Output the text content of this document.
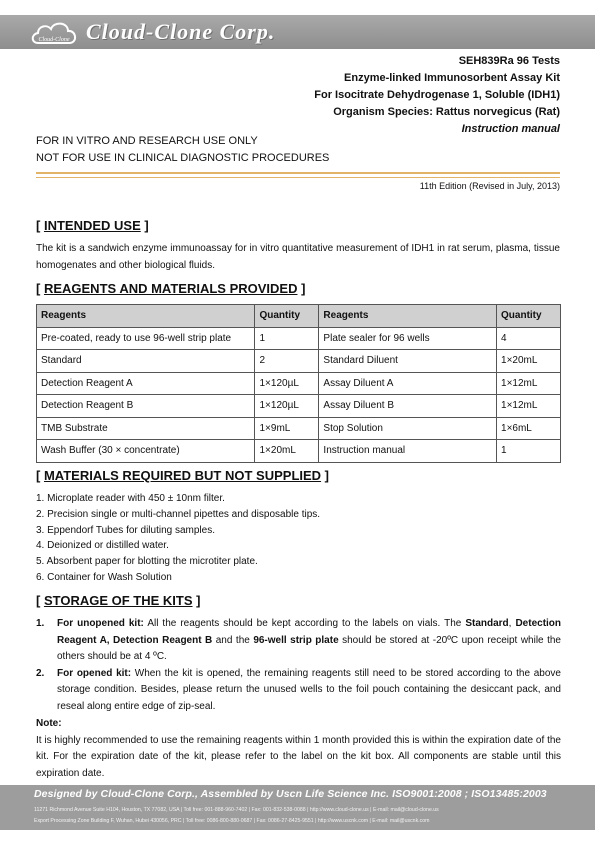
Cloud-Clone Cloud-Clone Corp.
SEH839Ra 96 Tests
Enzyme-linked Immunosorbent Assay Kit
For Isocitrate Dehydrogenase 1, Soluble (IDH1)
Organism Species: Rattus norvegicus (Rat)
Instruction manual
FOR IN VITRO AND RESEARCH USE ONLY
NOT FOR USE IN CLINICAL DIAGNOSTIC PROCEDURES
11th Edition (Revised in July, 2013)
[ INTENDED USE ]
The kit is a sandwich enzyme immunoassay for in vitro quantitative measurement of IDH1 in rat serum, plasma, tissue homogenates and other biological fluids.
[ REAGENTS AND MATERIALS PROVIDED ]
Reagents	Quantity	Reagents	Quantity
Pre-coated, ready to use 96-well strip plate	1	Plate sealer for 96 wells	4
Standard	2	Standard Diluent	1×20mL
Detection Reagent A	1×120µL	Assay Diluent A	1×12mL
Detection Reagent B	1×120µL	Assay Diluent B	1×12mL
TMB Substrate	1×9mL	Stop Solution	1×6mL
Wash Buffer (30 × concentrate)	1×20mL	Instruction manual	1
[ MATERIALS REQUIRED BUT NOT SUPPLIED ]
1. Microplate reader with 450 ± 10nm filter.
2. Precision single or multi-channel pipettes and disposable tips.
3. Eppendorf Tubes for diluting samples.
4. Deionized or distilled water.
5. Absorbent paper for blotting the microtiter plate.
6. Container for Wash Solution
[ STORAGE OF THE KITS ]
1. For unopened kit: All the reagents should be kept according to the labels on vials. The Standard, Detection Reagent A, Detection Reagent B and the 96-well strip plate should be stored at -20ºC upon receipt while the others should be at 4 ºC.
2. For opened kit: When the kit is opened, the remaining reagents still need to be stored according to the above storage condition. Besides, please return the unused wells to the foil pouch containing the desiccant pack, and reseal along entire edge of zip-seal.
Note:
It is highly recommended to use the remaining reagents within 1 month provided this is within the expiration date of the kit. For the expiration date of the kit, please refer to the label on the kit box. All components are stable until this expiration date.
Designed by Cloud-Clone Corp., Assembled by Uscn Life Science Inc. ISO9001:2008 ; ISO13485:2003
11271 Richmond Avenue Suite H104, Houston, TX 77082, USA | Toll free: 001-888-960-7402 | Fax: 001-832-538-0088 | http://www.cloud-clone.us | E-mail: mail@cloud-clone.us
Export Processing Zone Building F, Wuhan, Hubei 430056, PRC | Toll free: 0086-800-880-0687 | Fax: 0086-27-8425-9551 | http://www.uscnk.com | E-mail: mail@uscnk.com
